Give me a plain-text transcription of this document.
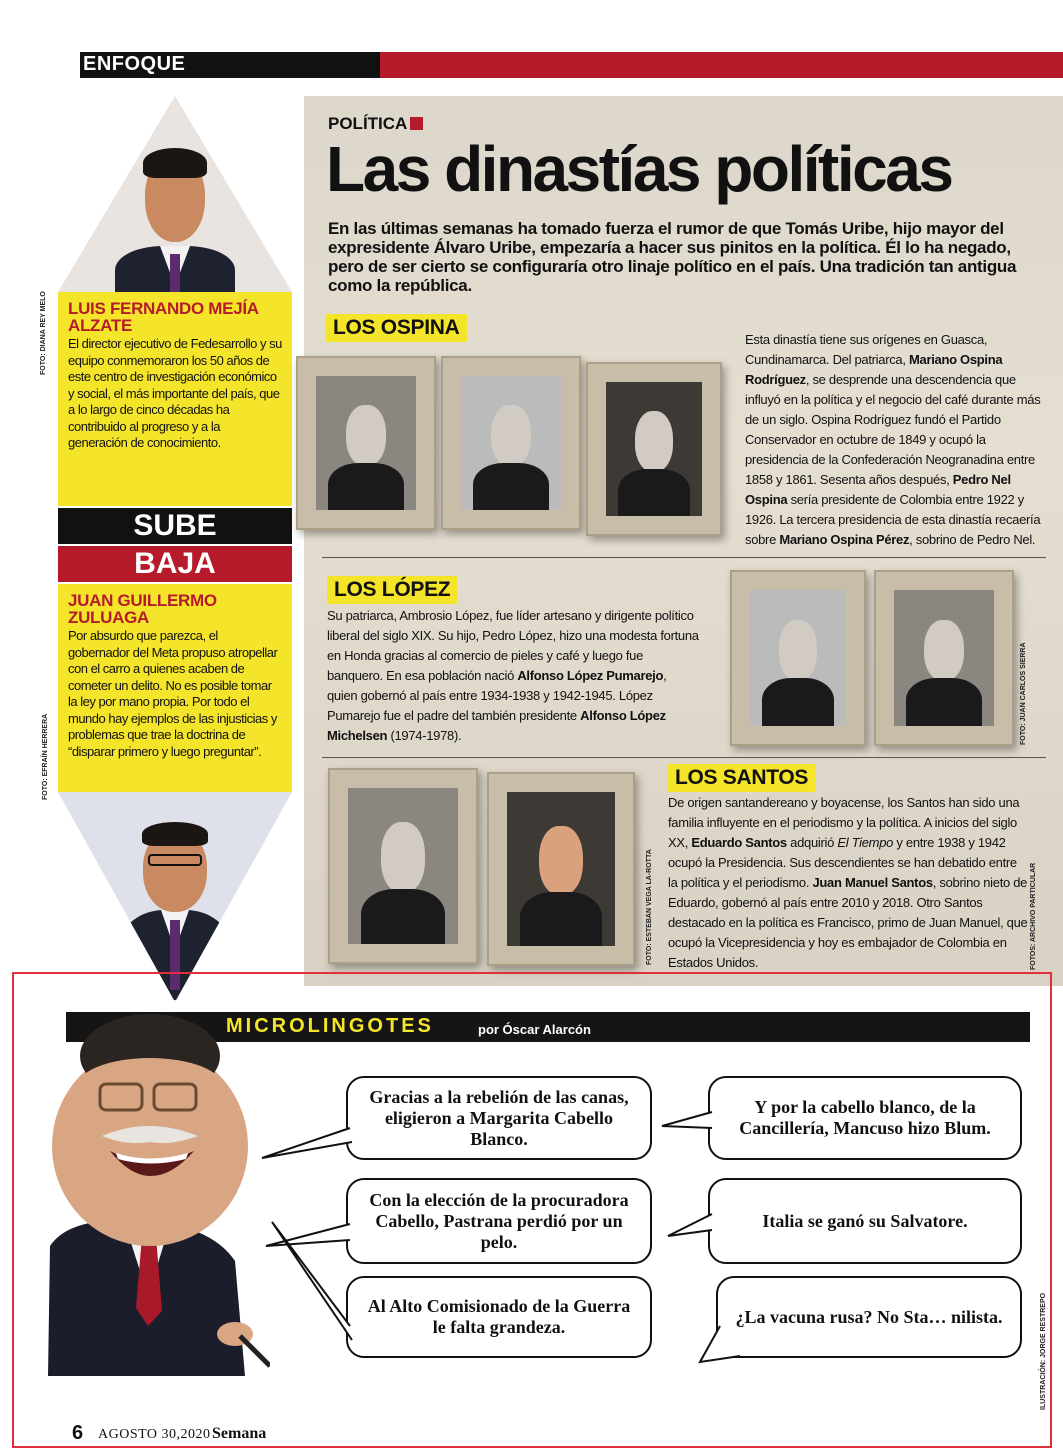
ENFOQUE
FOTO: DIANA REY MELO LUIS FERNANDO MEJÍA ALZATE
El director ejecutivo de Fedesarrollo y su equipo conmemoraron los 50 años de este centro de investigación económico y social, el más importante del país, que a lo largo de cinco décadas ha contribuido al progreso y a la generación de conocimiento.
SUBE
BAJA
JUAN GUILLERMO ZULUAGA
Por absurdo que parezca, el gobernador del Meta propuso atropellar con el carro a quienes acaben de cometer un delito. No es posible tomar la ley por mano propia. Por todo el mundo hay ejemplos de las injusticias y problemas que trae la doctrina de “disparar primero y luego preguntar”.
FOTO: EFRAÍN HERRERA
POLÍTICA
Las dinastías políticas
En las últimas semanas ha tomado fuerza el rumor de que Tomás Uribe, hijo mayor del expresidente Álvaro Uribe, empezaría a hacer sus pinitos en la política. Él lo ha negado, pero de ser cierto se configuraría otro linaje político en el país. Una tradición tan antigua como la república.
LOS OSPINA
Esta dinastía tiene sus orígenes en Guasca, Cundinamarca. Del patriarca, Mariano Ospina Rodríguez, se desprende una descendencia que influyó en la política y el negocio del café durante más de un siglo. Ospina Rodríguez fundó el Partido Conservador en octubre de 1849 y ocupó la presidencia de la Confederación Neogranadina entre 1858 y 1861. Sesenta años después, Pedro Nel Ospina sería presidente de Colombia entre 1922 y 1926. La tercera presidencia de esta dinastía recaería sobre Mariano Ospina Pérez, sobrino de Pedro Nel.
LOS LÓPEZ
Su patriarca, Ambrosio López, fue líder artesano y dirigente político liberal del siglo XIX. Su hijo, Pedro López, hizo una modesta fortuna en Honda gracias al comercio de pieles y café y luego fue banquero. En esa población nació Alfonso López Pumarejo, quien gobernó al país entre 1934-1938 y 1942-1945. López Pumarejo fue el padre del también presidente Alfonso López Michelsen (1974-1978).	FOTO: JUAN CARLOS SIERRA
FOTO: ESTEBAN VEGA LA-ROTTA
LOS SANTOS
De origen santandereano y boyacense, los Santos han sido una familia influyente en el periodismo y la política. A inicios del siglo XX, Eduardo Santos adquirió El Tiempo y entre 1938 y 1942 ocupó la Presidencia. Sus descendientes se han debatido entre la política y el periodismo. Juan Manuel Santos, sobrino nieto de Eduardo, gobernó al país entre 2010 y 2018. Otro Santos destacado en la política es Francisco, primo de Juan Manuel, que ocupó la Vicepresidencia y hoy es embajador de Colombia en Estados Unidos.	FOTOS: ARCHIVO PARTICULAR
MICROLINGOTES	por Óscar Alarcón
Gracias a la rebelión de las canas, eligieron a Margarita Cabello Blanco.
Y por la cabello blanco, de la Cancillería, Mancuso hizo Blum.
Con la elección de la procuradora Cabello, Pastrana perdió por un pelo.
Italia se ganó su Salvatore.
Al Alto Comisionado de la Guerra le falta grandeza.
¿La vacuna rusa? No Sta… nilista.	ILUSTRACIÓN: JORGE RESTREPO
6 AGOSTO 30,2020 Semana
